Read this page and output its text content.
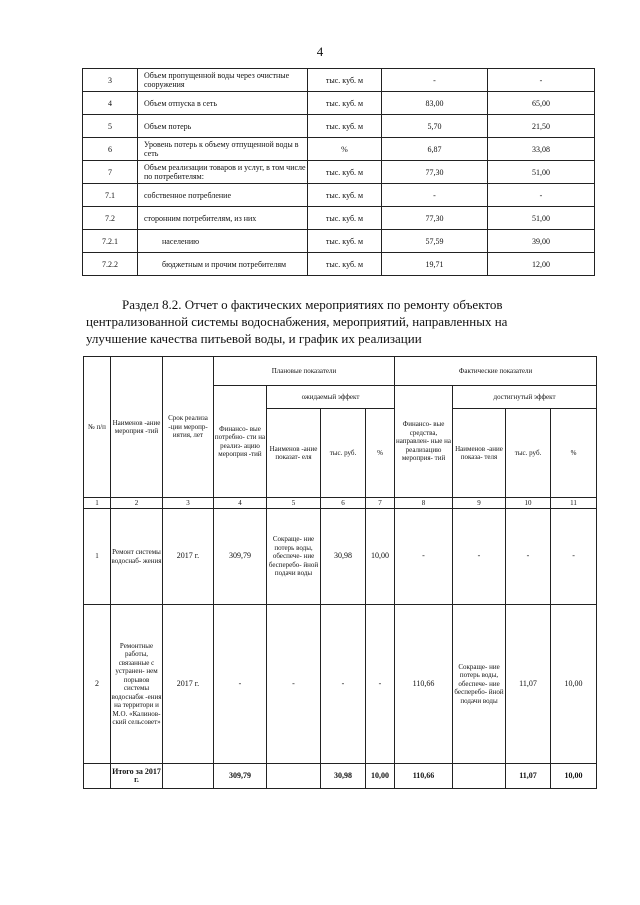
4
3	Объем пропущенной воды через очистные сооружения	тыс. куб. м	-	-
4	Объем отпуска в сеть	тыс. куб. м	83,00	65,00
5	Объем потерь	тыс. куб. м	5,70	21,50
6	Уровень потерь к объему отпущенной воды в сеть	%	6,87	33,08
7	Объем реализации товаров и услуг, в том числе по потребителям:	тыс. куб. м	77,30	51,00
7.1	собственное потребление	тыс. куб. м	-	-
7.2	сторонним потребителям, из них	тыс. куб. м	77,30	51,00
7.2.1	населению	тыс. куб. м	57,59	39,00
7.2.2	бюджетным и прочим потребителям	тыс. куб. м	19,71	12,00
Раздел 8.2. Отчет о фактических мероприятиях по ремонту объектов
централизованной системы водоснабжения, мероприятий, направленных на
улучшение качества питьевой воды, и график их реализации
№ п/п	Наименов -ание мероприя -тий	Срок реализа -ции меропр- иятия, лет	Плановые показатели				Фактические показатели			
			Финансо- вые потребно- сти на реализ- ацию мероприя -тий	ожидаемый эффект			Финансо- вые средства, направлен- ные на реализацию мероприя- тий	достигнутый эффект		
				Наименов -ание показат- еля	тыс. руб.	%		Наименов -ание показа- теля	тыс. руб.	%
1	2	3	4	5	6	7	8	9	10	11
1	Ремонт системы водоснаб- жения	2017 г.	309,79	Сокраще- ние потерь воды, обеспече- ние бесперебо- йной подачи воды	30,98	10,00	-	-	-	-
2	Ремонтные работы, связанные с устранен- нем порывов системы водоснабж -ения на территори и М.О. «Калинов- ский сельсовет»	2017 г.	-	-	-	-	110,66	Сокраще- ние потерь воды, обеспече- ние бесперебо- йной подачи воды	11,07	10,00
	Итого за 2017 г.		309,79		30,98	10,00	110,66		11,07	10,00
